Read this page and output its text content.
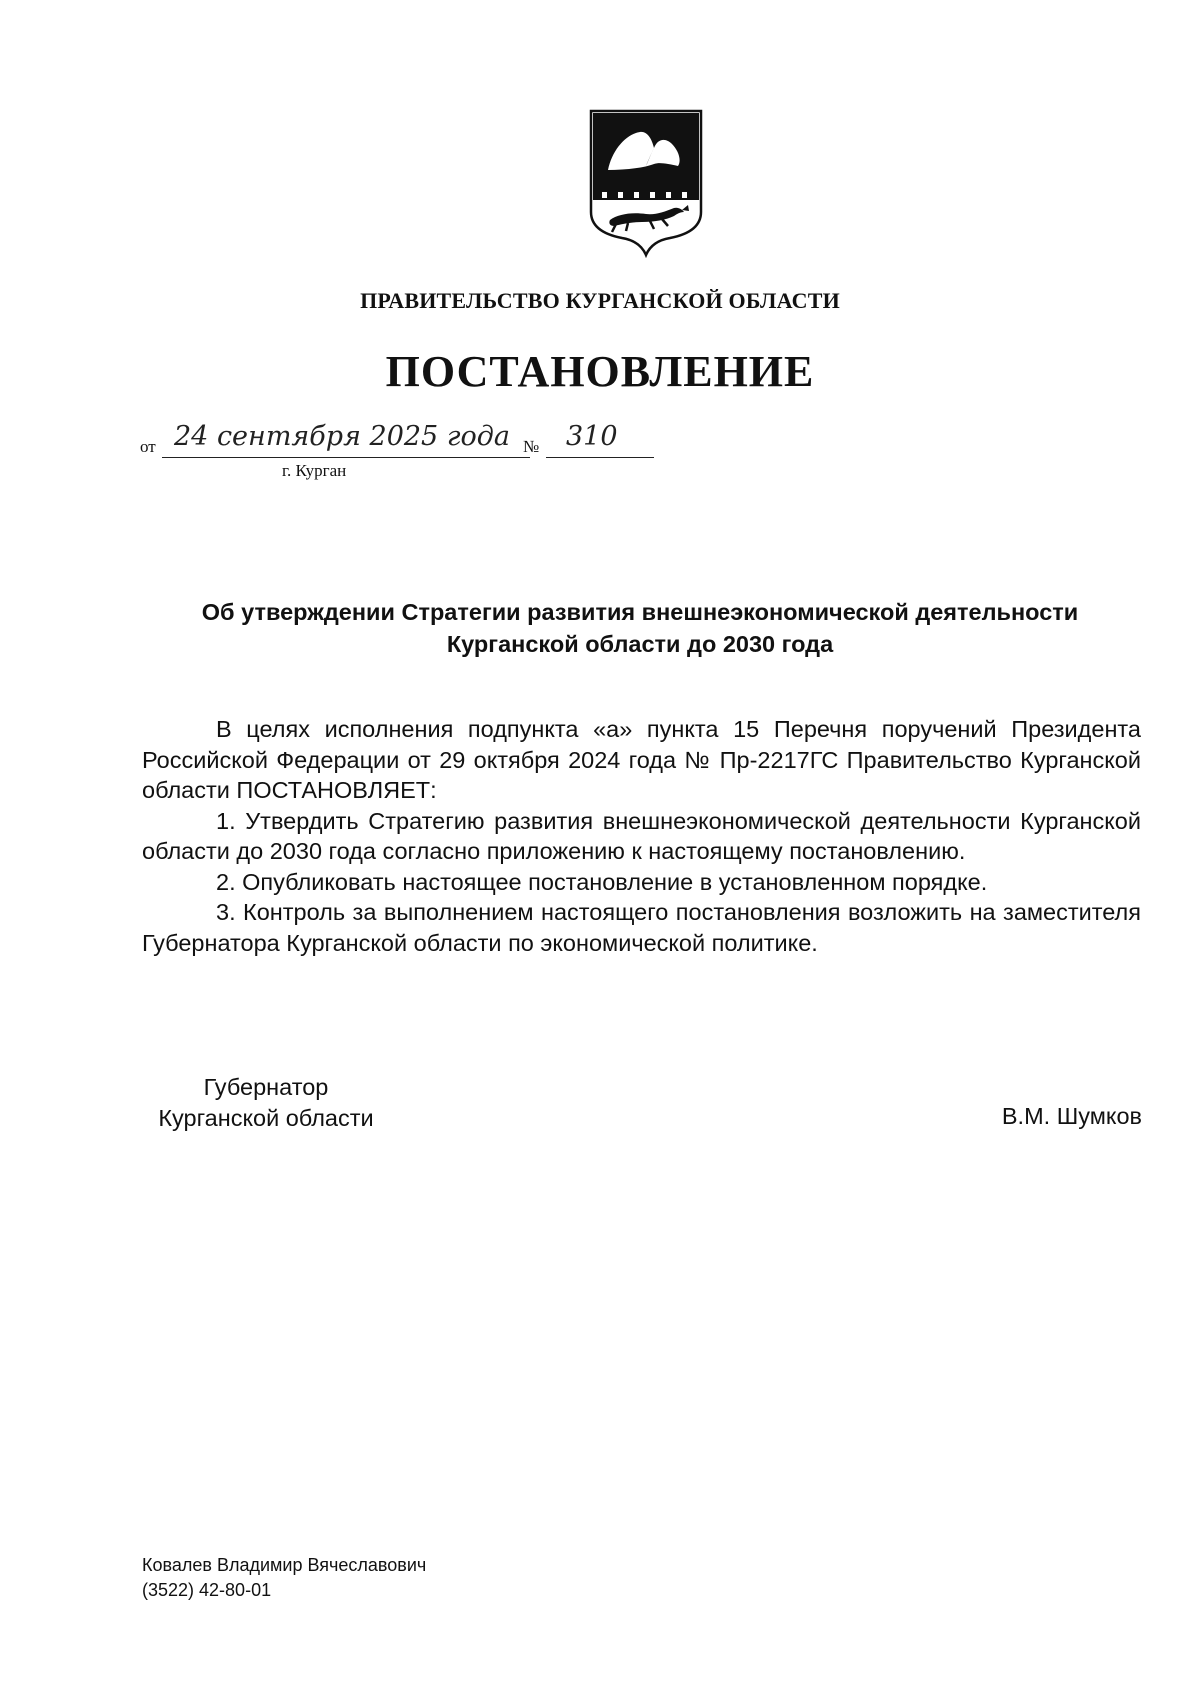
ПРАВИТЕЛЬСТВО КУРГАНСКОЙ ОБЛАСТИ
ПОСТАНОВЛЕНИЕ
от 24 сентября 2025 года № 310
г. Курган
Об утверждении Стратегии развития внешнеэкономической деятельности
Курганской области до 2030 года

В целях исполнения подпункта «а» пункта 15 Перечня поручений Президента Российской Федерации от 29 октября 2024 года № Пр-2217ГС Правительство Курганской области ПОСТАНОВЛЯЕТ:

1. Утвердить Стратегию развития внешнеэкономической деятельности Курганской области до 2030 года согласно приложению к настоящему постановлению.

2. Опубликовать настоящее постановление в установленном порядке.

3. Контроль за выполнением настоящего постановления возложить на заместителя Губернатора Курганской области по экономической политике.

Губернатор
Курганской области	В.М. Шумков
Ковалев Владимир Вячеславович
(3522) 42-80-01
